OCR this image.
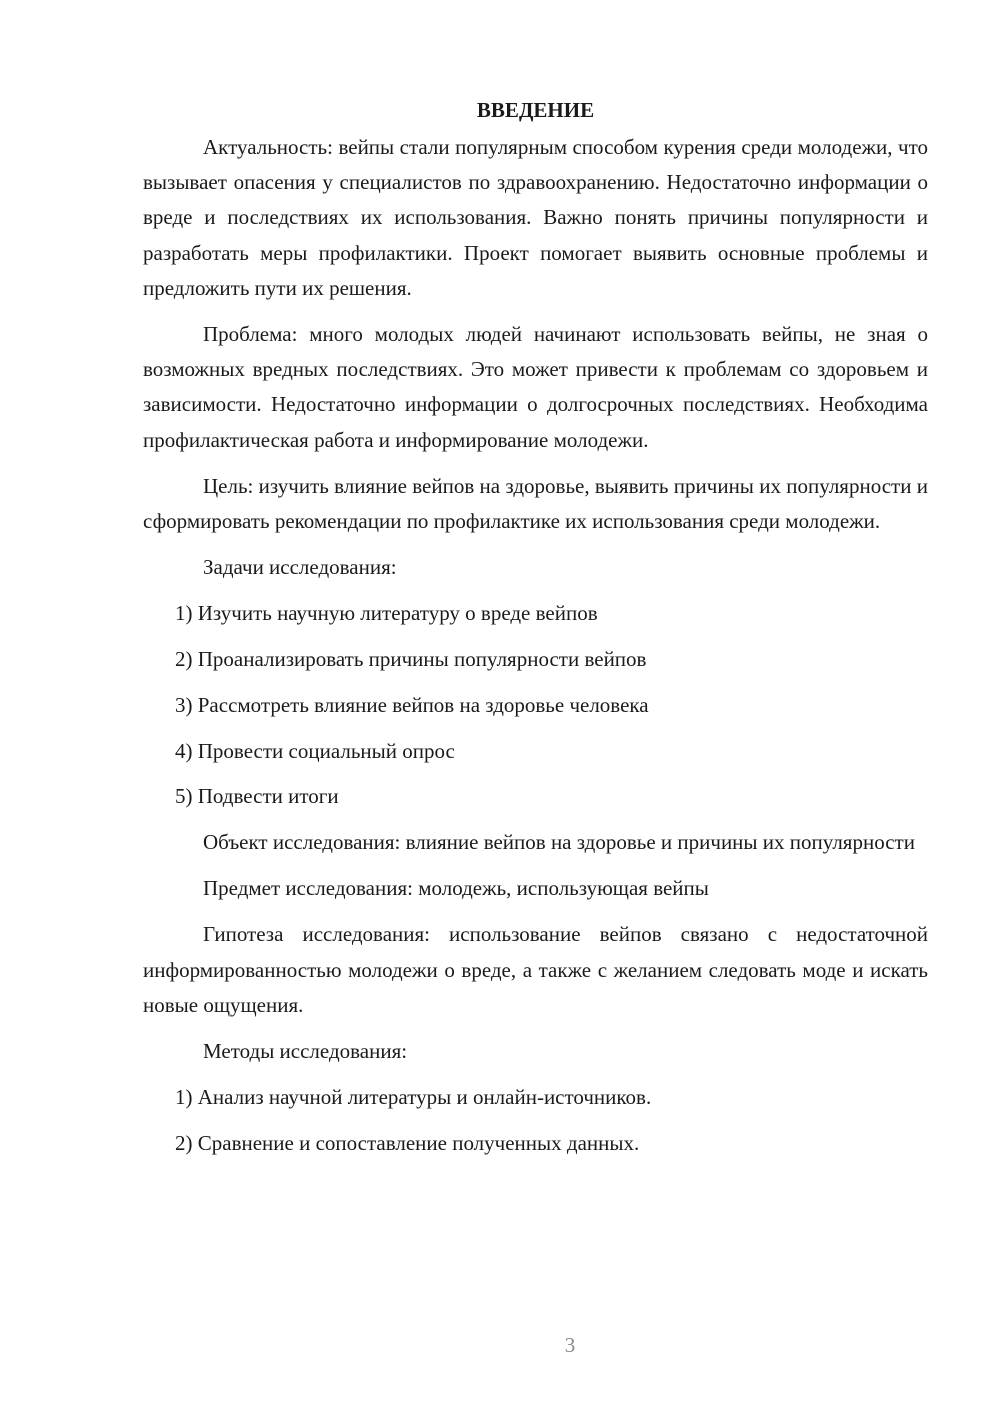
ВВЕДЕНИЕ

Актуальность: вейпы стали популярным способом курения среди молодежи, что вызывает опасения у специалистов по здравоохранению. Недостаточно информации о вреде и последствиях их использования. Важно понять причины популярности и разработать меры профилактики. Проект помогает выявить основные проблемы и предложить пути их решения.

Проблема: много молодых людей начинают использовать вейпы, не зная о возможных вредных последствиях. Это может привести к проблемам со здоровьем и зависимости. Недостаточно информации о долгосрочных последствиях. Необходима профилактическая работа и информирование молодежи.

Цель: изучить влияние вейпов на здоровье, выявить причины их популярности и сформировать рекомендации по профилактике их использования среди молодежи.

Задачи исследования:

1) Изучить научную литературу о вреде вейпов
2) Проанализировать причины популярности вейпов
3) Рассмотреть влияние вейпов на здоровье человека
4) Провести социальный опрос
5) Подвести итоги

Объект исследования: влияние вейпов на здоровье и причины их популярности

Предмет исследования: молодежь, использующая вейпы

Гипотеза исследования: использование вейпов связано с недостаточной информированностью молодежи о вреде, а также с желанием следовать моде и искать новые ощущения.

Методы исследования:

1) Анализ научной литературы и онлайн-источников.
2) Сравнение и сопоставление полученных данных.
3
